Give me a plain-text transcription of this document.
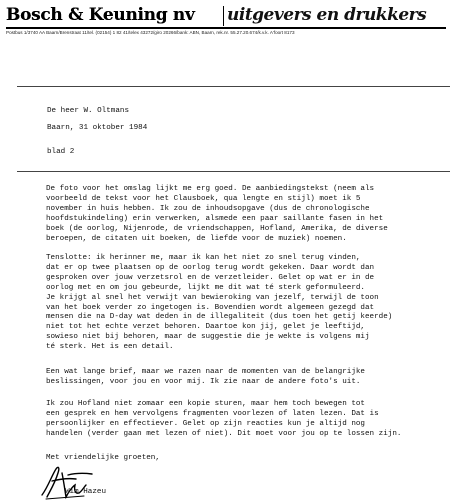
Bosch & Keuning nv uitgevers en drukkers
Postbus 1/3740 AA Baarn/Brenstraat 11/tel. (02154) 1 82 41/telex 43272/giro 20266/bank: ABN, Baarn, rek.nr. 55.27.20.674/k.v.k. A'foort 8173
De heer W. Oltmans
Baarn, 31 oktober 1984
blad 2
De foto voor het omslag lijkt me erg goed. De aanbiedingstekst (neem als
voorbeeld de tekst voor het Clausboek, qua lengte en stijl) moet ik 5
november in huis hebben. Ik zou de inhoudsopgave (dus de chronologische
hoofdstukindeling) erin verwerken, alsmede een paar saillante fasen in het
boek (de oorlog, Nijenrode, de vriendschappen, Hofland, Amerika, de diverse
beroepen, de citaten uit boeken, de liefde voor de muziek) noemen.
Tenslotte: ik herinner me, maar ik kan het niet zo snel terug vinden,
dat er op twee plaatsen op de oorlog terug wordt gekeken. Daar wordt dan
gesproken over jouw verzetsrol en de verzetleider. Gelet op wat er in de
oorlog met en om jou gebeurde, lijkt me dit wat té sterk geformuleerd.
Je krijgt al snel het verwijt van bewieroking van jezelf, terwijl de toon
van het boek verder zo ingetogen is. Bovendien wordt algemeen gezegd dat
mensen die na D-day wat deden in de illegaliteit (dus toen het getij keerde)
niet tot het echte verzet behoren. Daartoe kon jij, gelet je leeftijd,
sowieso niet bij behoren, maar de suggestie die je wekte is volgens mij
té sterk. Het is een detail.
Een wat lange brief, maar we razen naar de momenten van de belangrijke
beslissingen, voor jou en voor mij. Ik zie naar de andere foto's uit.
Ik zou Hofland niet zomaar een kopie sturen, maar hem toch bewegen tot
een gesprek en hem vervolgens fragmenten voorlezen of laten lezen. Dat is
persoonlijker en effectiever. Gelet op zijn reacties kun je altijd nog
handelen (verder gaan met lezen of niet). Dit moet voor jou op te lossen zijn.
Met vriendelijke groeten,
Wim Hazeu
